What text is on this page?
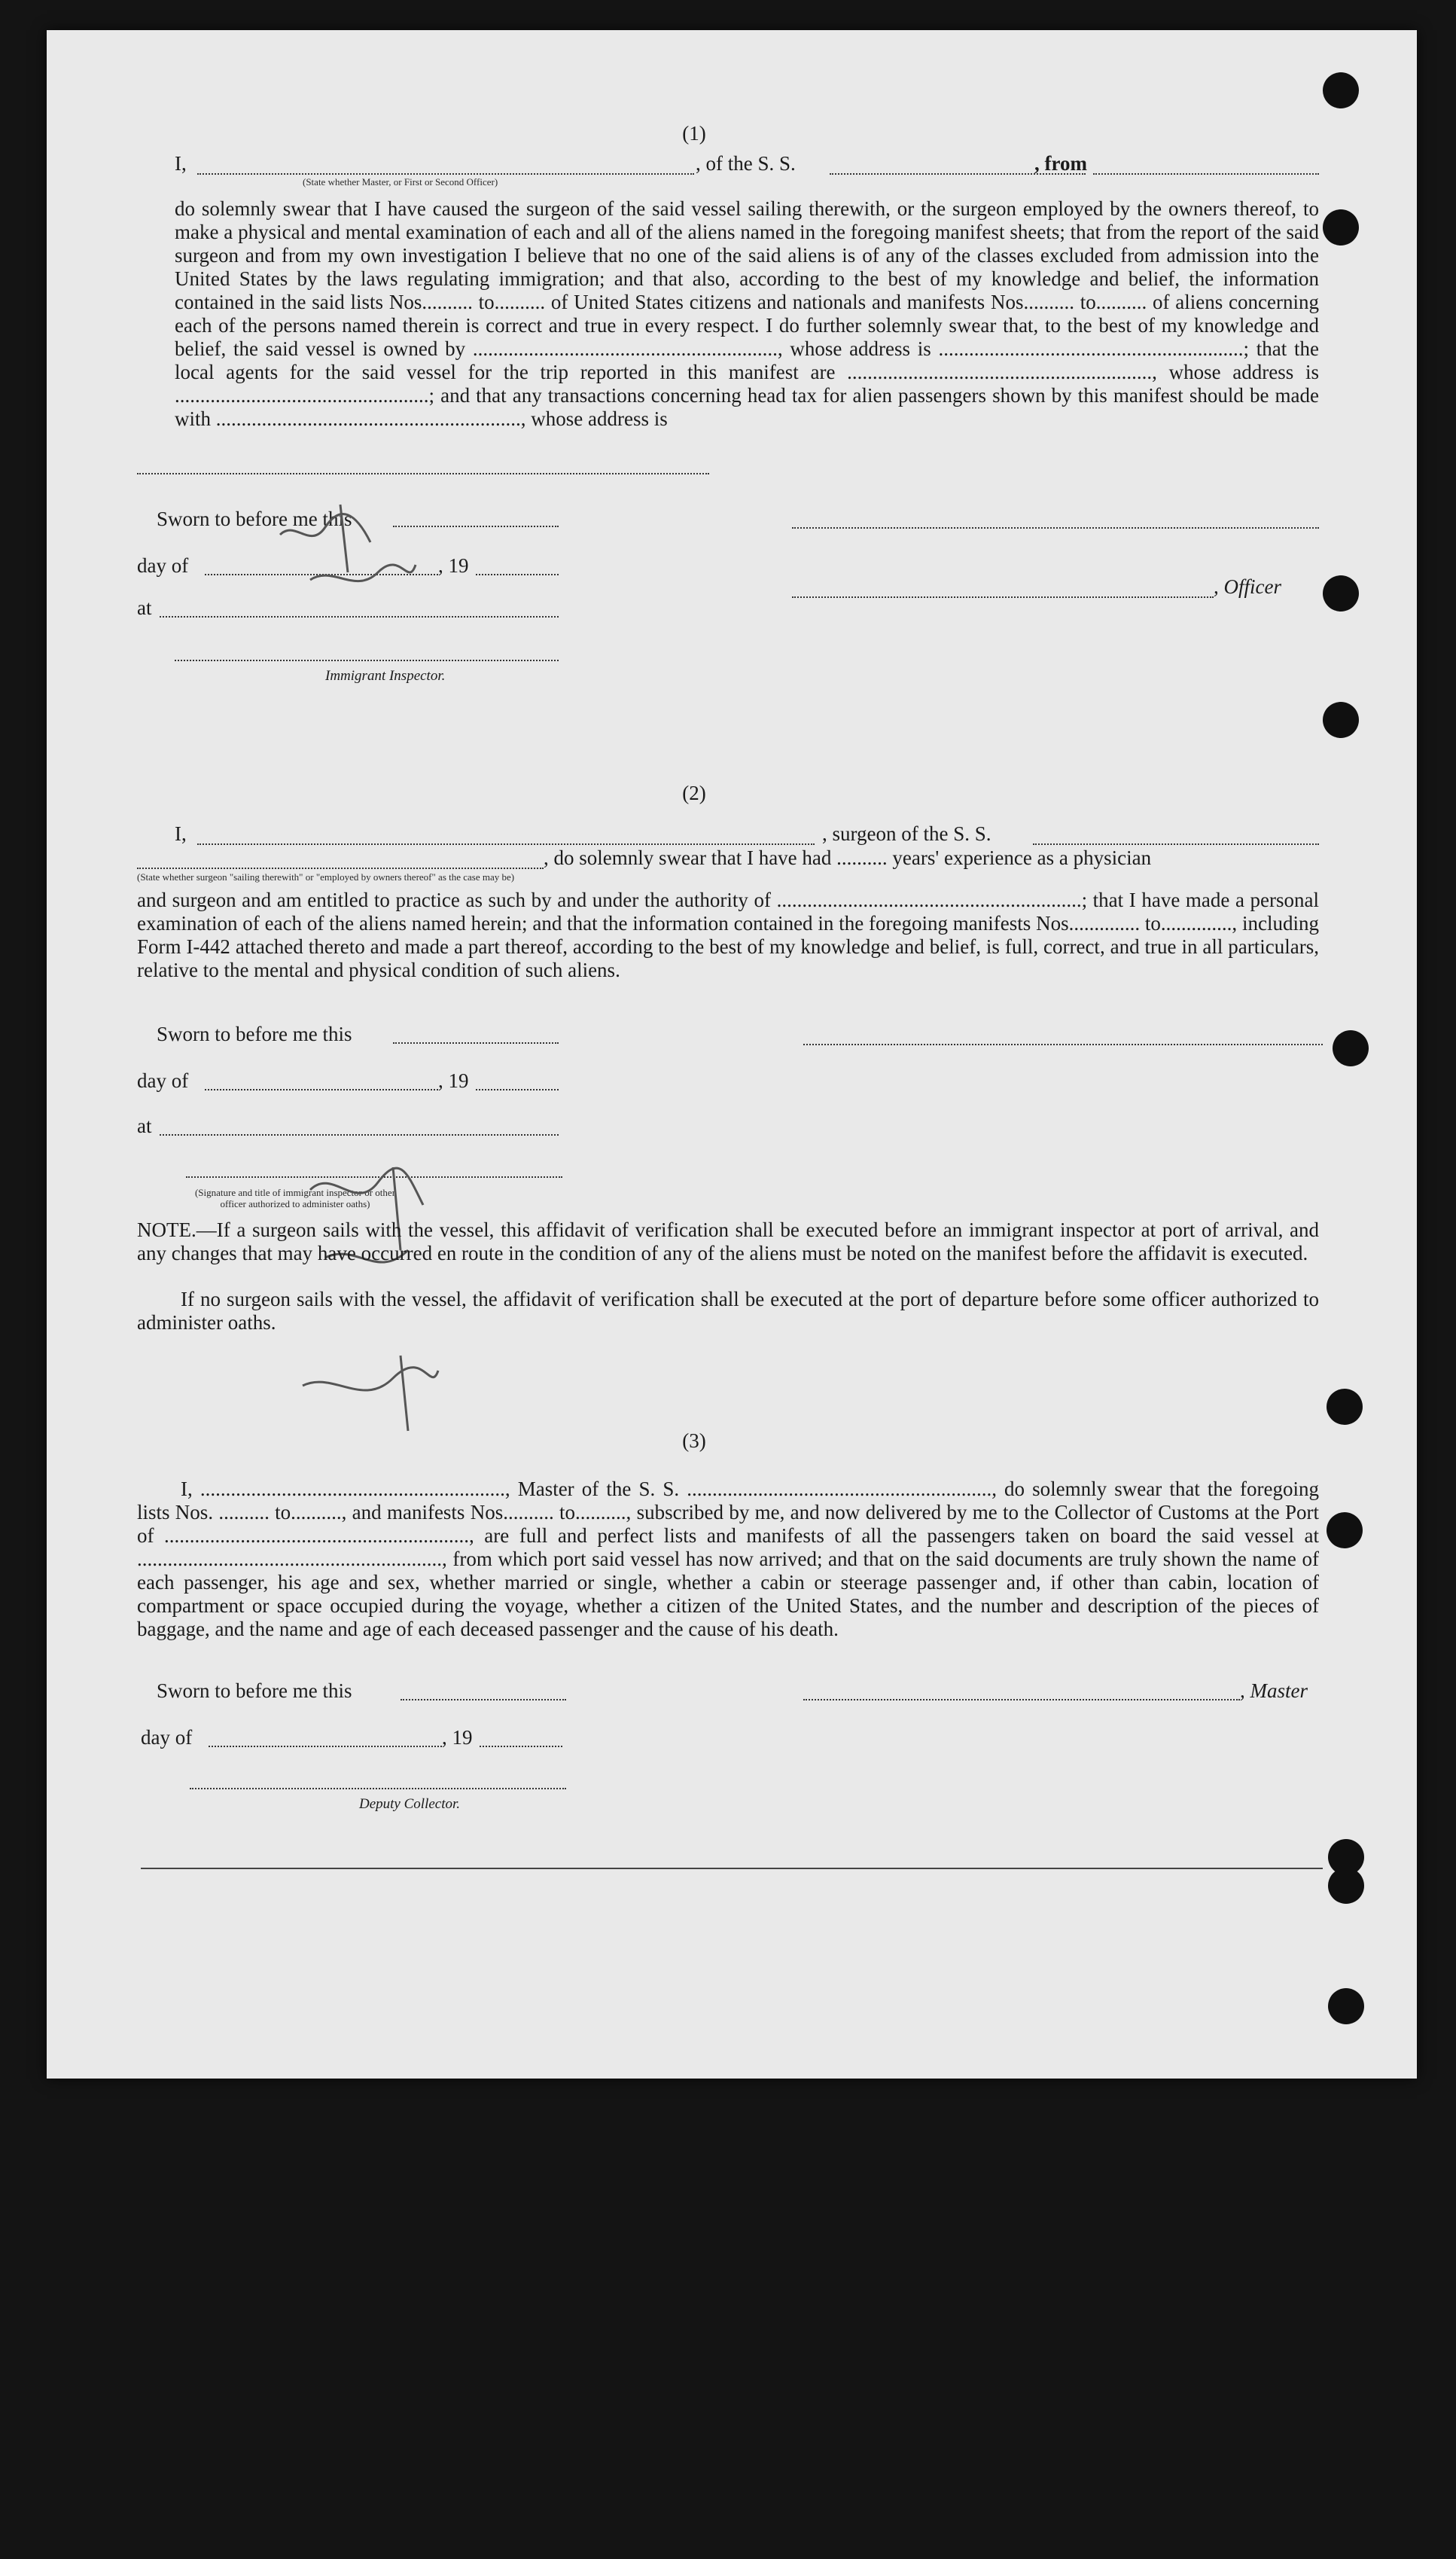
(1)

I,	, of the S. S.	, from

(State whether Master, or First or Second Officer)

do solemnly swear that I have caused the surgeon of the said vessel sailing therewith, or the surgeon employed by the owners thereof, to make a physical and mental examination of each and all of the aliens named in the foregoing manifest sheets; that from the report of the said surgeon and from my own investigation I believe that no one of the said aliens is of any of the classes excluded from admission into the United States by the laws regulating immigration; and that also, according to the best of my knowledge and belief, the information contained in the said lists Nos.......... to.......... of United States citizens and nationals and manifests Nos.......... to.......... of aliens concerning each of the persons named therein is correct and true in every respect. I do further solemnly swear that, to the best of my knowledge and belief, the said vessel is owned by ............................................................, whose address is ............................................................; that the local agents for the said vessel for the trip reported in this manifest are ............................................................, whose address is ..................................................; and that any transactions concerning head tax for alien passengers shown by this manifest should be made with ............................................................, whose address is

Sworn to before me this

day of	, 19

at

, Officer

Immigrant Inspector.

(2)

I,	, surgeon of the S. S.

, do solemnly swear that I have had .......... years' experience as a physician

(State whether surgeon "sailing therewith" or "employed by owners thereof" as the case may be)

and surgeon and am entitled to practice as such by and under the authority of ............................................................; that I have made a personal examination of each of the aliens named herein; and that the information contained in the foregoing manifests Nos.............. to.............., including Form I-442 attached thereto and made a part thereof, according to the best of my knowledge and belief, is full, correct, and true in all particulars, relative to the mental and physical condition of such aliens.

Sworn to before me this

day of	, 19

at

(Signature and title of immigrant inspector or other officer authorized to administer oaths)

NOTE.—If a surgeon sails with the vessel, this affidavit of verification shall be executed before an immigrant inspector at port of arrival, and any changes that may have occurred en route in the condition of any of the aliens must be noted on the manifest before the affidavit is executed.

If no surgeon sails with the vessel, the affidavit of verification shall be executed at the port of departure before some officer authorized to administer oaths.

(3)

I, ............................................................, Master of the S. S. ............................................................, do solemnly swear that the foregoing lists Nos. .......... to.........., and manifests Nos.......... to.........., subscribed by me, and now delivered by me to the Collector of Customs at the Port of ............................................................, are full and perfect lists and manifests of all the passengers taken on board the said vessel at ............................................................, from which port said vessel has now arrived; and that on the said documents are truly shown the name of each passenger, his age and sex, whether married or single, whether a cabin or steerage passenger and, if other than cabin, location of compartment or space occupied during the voyage, whether a citizen of the United States, and the number and description of the pieces of baggage, and the name and age of each deceased passenger and the cause of his death.

Sworn to before me this	, Master

day of	, 19

Deputy Collector.
